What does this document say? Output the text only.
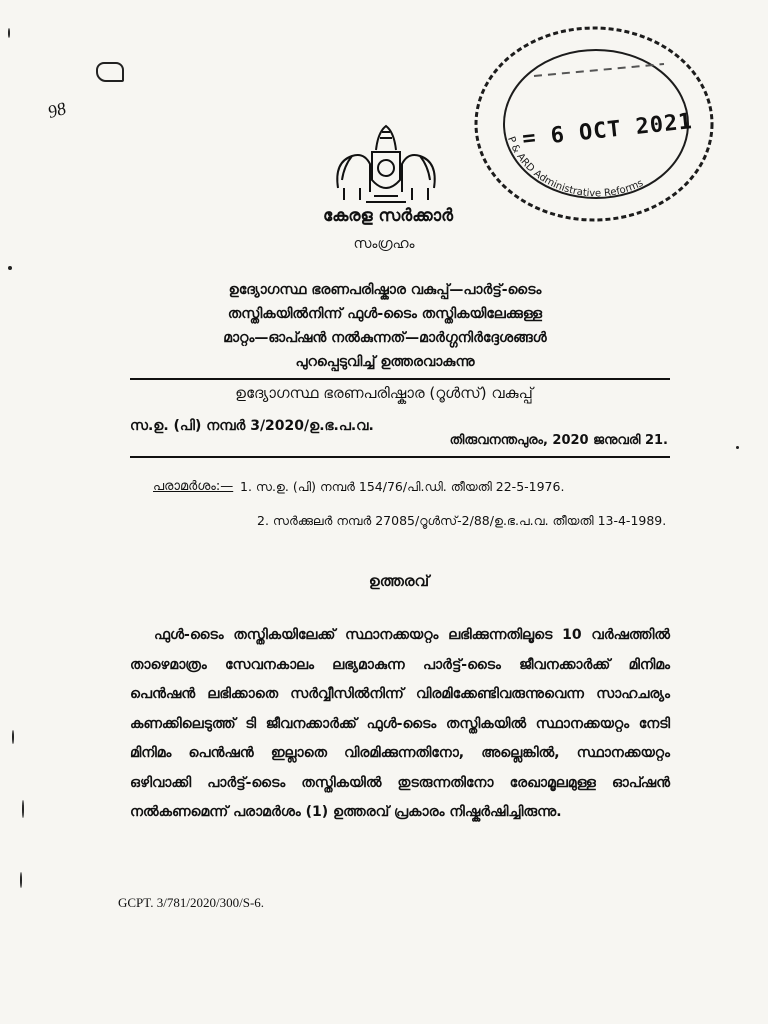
98
കേരള സർക്കാർ
സംഗ്രഹം
ഉദ്യോഗസ്ഥ ഭരണപരിഷ്കാര വകുപ്പ്—പാർട്ട്-ടൈം
തസ്തികയിൽനിന്ന് ഫുൾ-ടൈം തസ്തികയിലേക്കുള്ള
മാറ്റം—ഓപ്ഷൻ നൽകുന്നത്—മാർഗ്ഗനിർദ്ദേശങ്ങൾ
പുറപ്പെടുവിച്ച് ഉത്തരവാകുന്നു
ഉദ്യോഗസ്ഥ ഭരണപരിഷ്കാര (റൂൾസ്) വകുപ്പ്
സ.ഉ. (പി) നമ്പർ 3/2020/ഉ.ഭ.പ.വ.
തിരുവനന്തപുരം, 2020 ജനുവരി 21.
പരാമർശം:— 1. സ.ഉ. (പി) നമ്പർ 154/76/പി.ഡി. തീയതി 22-5-1976.
2. സർക്കുലർ നമ്പർ 27085/റൂൾസ്-2/88/ഉ.ഭ.പ.വ. തീയതി 13-4-1989.
ഉത്തരവ്
ഫുൾ-ടൈം തസ്തികയിലേക്ക് സ്ഥാനക്കയറ്റം ലഭിക്കുന്നതിലൂടെ 10 വർഷത്തിൽ താഴെമാത്രം സേവനകാലം ലഭ്യമാകുന്ന പാർട്ട്-ടൈം ജീവനക്കാർക്ക് മിനിമം പെൻഷൻ ലഭിക്കാതെ സർവ്വീസിൽനിന്ന് വിരമിക്കേണ്ടിവരുന്നുവെന്ന സാഹചര്യം കണക്കിലെടുത്ത് ടി ജീവനക്കാർക്ക് ഫുൾ-ടൈം തസ്തികയിൽ സ്ഥാനക്കയറ്റം നേടി മിനിമം പെൻഷൻ ഇല്ലാതെ വിരമിക്കുന്നതിനോ, അല്ലെങ്കിൽ, സ്ഥാനക്കയറ്റം ഒഴിവാക്കി പാർട്ട്-ടൈം തസ്തികയിൽ തുടരുന്നതിനോ രേഖാമൂലമുള്ള ഓപ്ഷൻ നൽകണമെന്ന് പരാമർശം (1) ഉത്തരവ് പ്രകാരം നിഷ്കർഷിച്ചിരുന്നു.
GCPT. 3/781/2020/300/S-6.
P & ARD Administrative Reforms
= 6 OCT 2021
